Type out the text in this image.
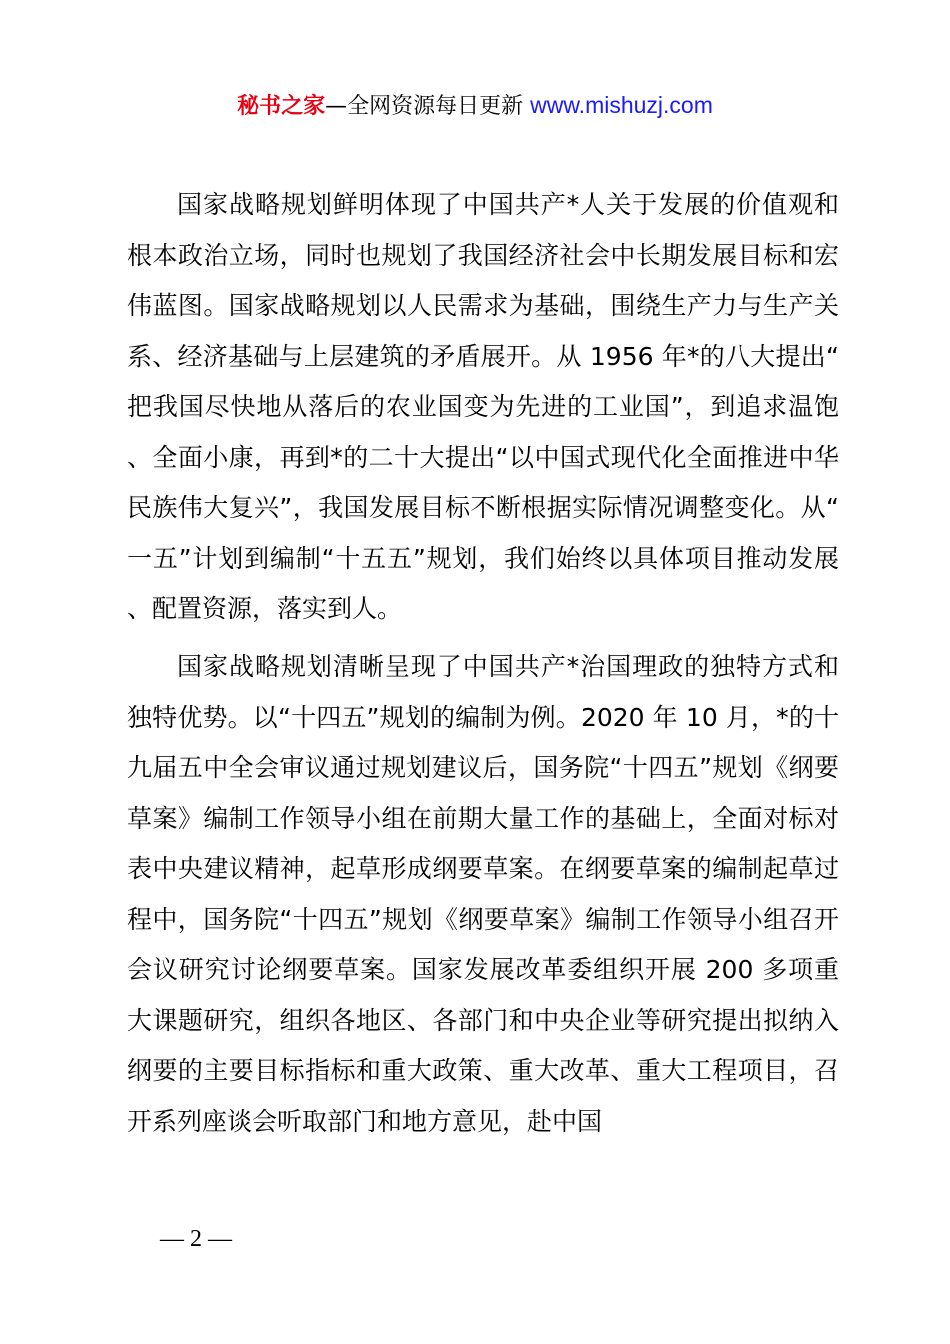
秘书之家—全网资源每日更新 www.mishuzj.com

国家战略规划鲜明体现了中国共产*人关于发展的价值观和根本政治立场，同时也规划了我国经济社会中长期发展目标和宏伟蓝图。国家战略规划以人民需求为基础，围绕生产力与生产关系、经济基础与上层建筑的矛盾展开。从 1956 年*的八大提出“把我国尽快地从落后的农业国变为先进的工业国”，到追求温饱、全面小康，再到*的二十大提出“以中国式现代化全面推进中华民族伟大复兴”，我国发展目标不断根据实际情况调整变化。从“一五”计划到编制“十五五”规划，我们始终以具体项目推动发展、配置资源，落实到人。

国家战略规划清晰呈现了中国共产*治国理政的独特方式和独特优势。以“十四五”规划的编制为例。2020 年 10 月，*的十九届五中全会审议通过规划建议后，国务院“十四五”规划《纲要草案》编制工作领导小组在前期大量工作的基础上，全面对标对表中央建议精神，起草形成纲要草案。在纲要草案的编制起草过程中，国务院“十四五”规划《纲要草案》编制工作领导小组召开会议研究讨论纲要草案。国家发展改革委组织开展 200 多项重大课题研究，组织各地区、各部门和中央企业等研究提出拟纳入纲要的主要目标指标和重大政策、重大改革、重大工程项目，召开系列座谈会听取部门和地方意见，赴中国

— 2 —
